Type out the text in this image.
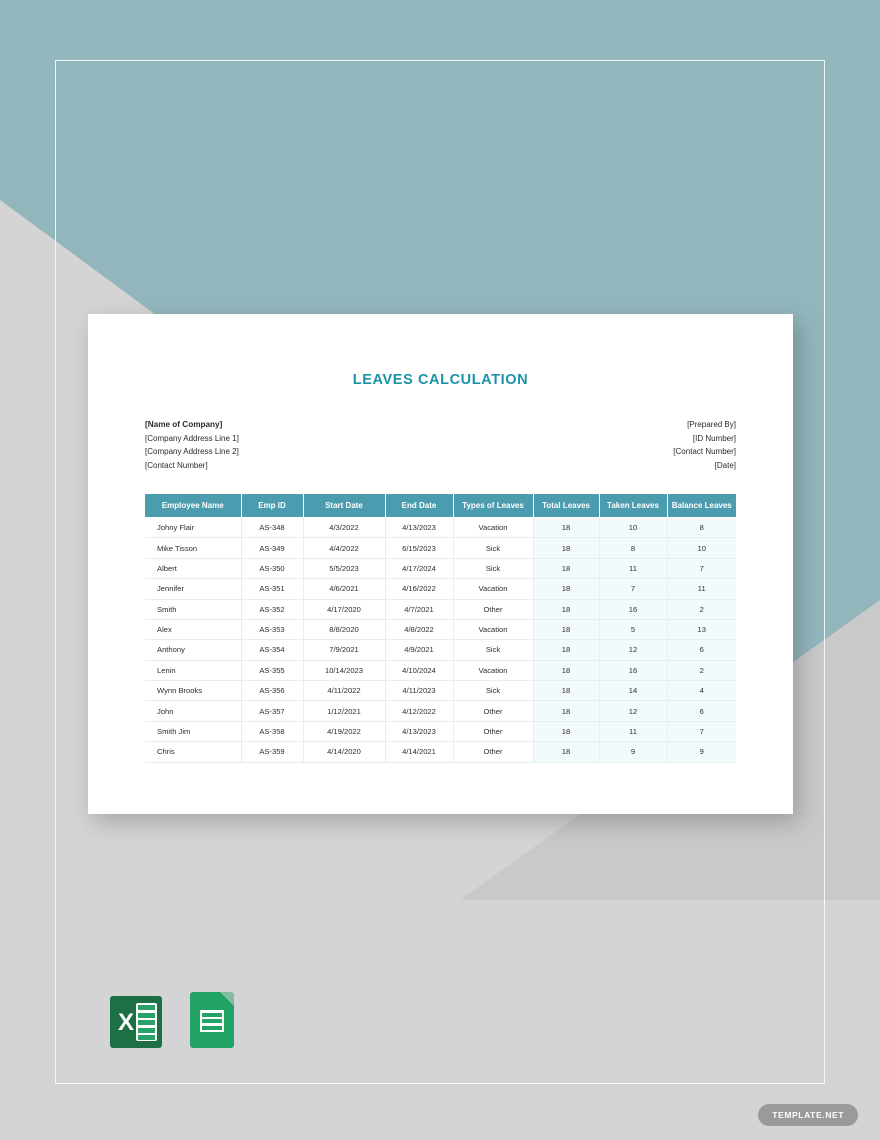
LEAVES CALCULATION
[Name of Company]
[Company Address Line 1]
[Company Address Line 2]
[Contact Number]
[Prepared By]
[ID Number]
[Contact Number]
[Date]
Employee Name	Emp ID	Start Date	End Date	Types of Leaves	Total Leaves	Taken Leaves	Balance Leaves
Johny Flair	AS-348	4/3/2022	4/13/2023	Vacation	18	10	8
Mike Tisson	AS-349	4/4/2022	6/15/2023	Sick	18	8	10
Albert	AS-350	5/5/2023	4/17/2024	Sick	18	11	7
Jennifer	AS-351	4/6/2021	4/16/2022	Vacation	18	7	11
Smith	AS-352	4/17/2020	4/7/2021	Other	18	16	2
Alex	AS-353	8/8/2020	4/8/2022	Vacation	18	5	13
Anthony	AS-354	7/9/2021	4/9/2021	Sick	18	12	6
Lenin	AS-355	10/14/2023	4/10/2024	Vacation	18	16	2
Wynn Brooks	AS-356	4/11/2022	4/11/2023	Sick	18	14	4
John	AS-357	1/12/2021	4/12/2022	Other	18	12	6
Smith Jim	AS-358	4/19/2022	4/13/2023	Other	18	11	7
Chris	AS-359	4/14/2020	4/14/2021	Other	18	9	9
X
TEMPLATE.NET
